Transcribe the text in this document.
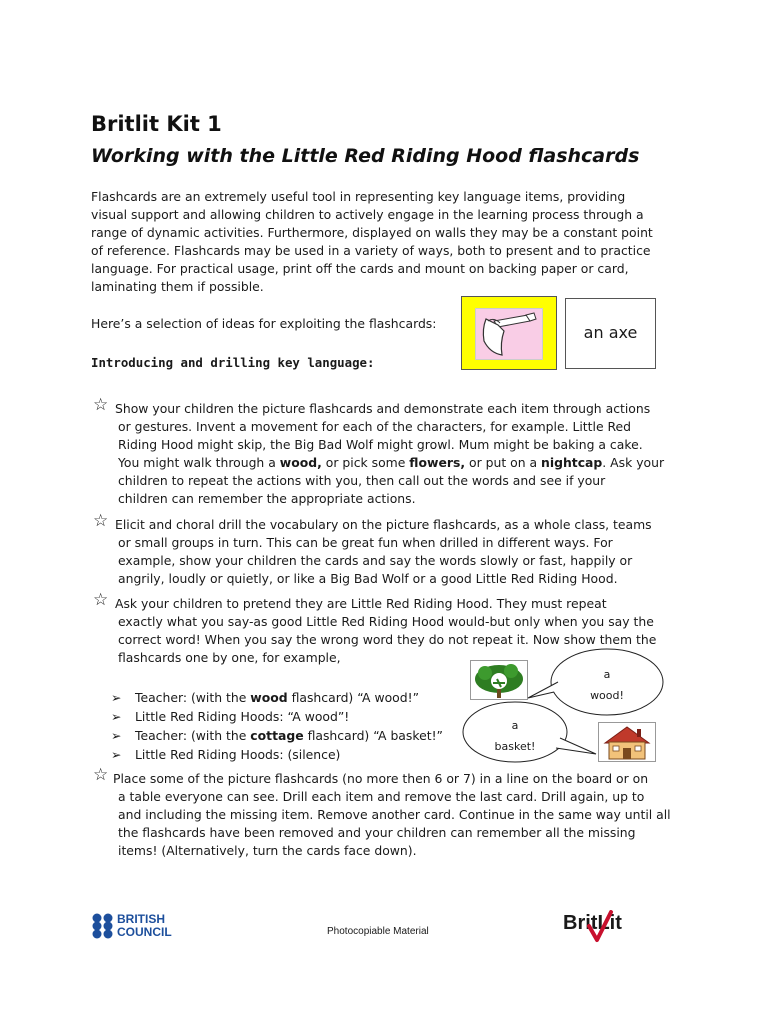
Britlit Kit 1
Working with the Little Red Riding Hood flashcards
Flashcards are an extremely useful tool in representing key language items, providing
visual support and allowing children to actively engage in the learning process through a
range of dynamic activities. Furthermore, displayed on walls they may be a constant point
of reference. Flashcards may be used in a variety of ways, both to present and to practice
language. For practical usage, print off the cards and mount on backing paper or card,
laminating them if possible.
Here’s a selection of ideas for exploiting the flashcards:	an axe
Introducing and drilling key language:
☆ Show your children the picture flashcards and demonstrate each item through actions
or gestures. Invent a movement for each of the characters, for example. Little Red
Riding Hood might skip, the Big Bad Wolf might growl. Mum might be baking a cake.
You might walk through a wood, or pick some flowers, or put on a nightcap. Ask your
children to repeat the actions with you, then call out the words and see if your
children can remember the appropriate actions.
☆ Elicit and choral drill the vocabulary on the picture flashcards, as a whole class, teams
or small groups in turn. This can be great fun when drilled in different ways. For
example, show your children the cards and say the words slowly or fast, happily or
angrily, loudly or quietly, or like a Big Bad Wolf or a good Little Red Riding Hood.
☆ Ask your children to pretend they are Little Red Riding Hood. They must repeat
exactly what you say-as good Little Red Riding Hood would-but only when you say the
correct word! When you say the wrong word they do not repeat it. Now show them the
flashcards one by one, for example,
➢ Teacher: (with the wood flashcard) “A wood!”
➢ Little Red Riding Hoods: “A wood”!
➢ Teacher: (with the cottage flashcard) “A basket!”
➢ Little Red Riding Hoods: (silence)
a
wood!
a
basket!
☆ Place some of the picture flashcards (no more then 6 or 7) in a line on the board or on
a table everyone can see. Drill each item and remove the last card. Drill again, up to
and including the missing item. Remove another card. Continue in the same way until all
the flashcards have been removed and your children can remember all the missing
items! (Alternatively, turn the cards face down).
BRITISH
COUNCIL	Photocopiable Material	BritLit
